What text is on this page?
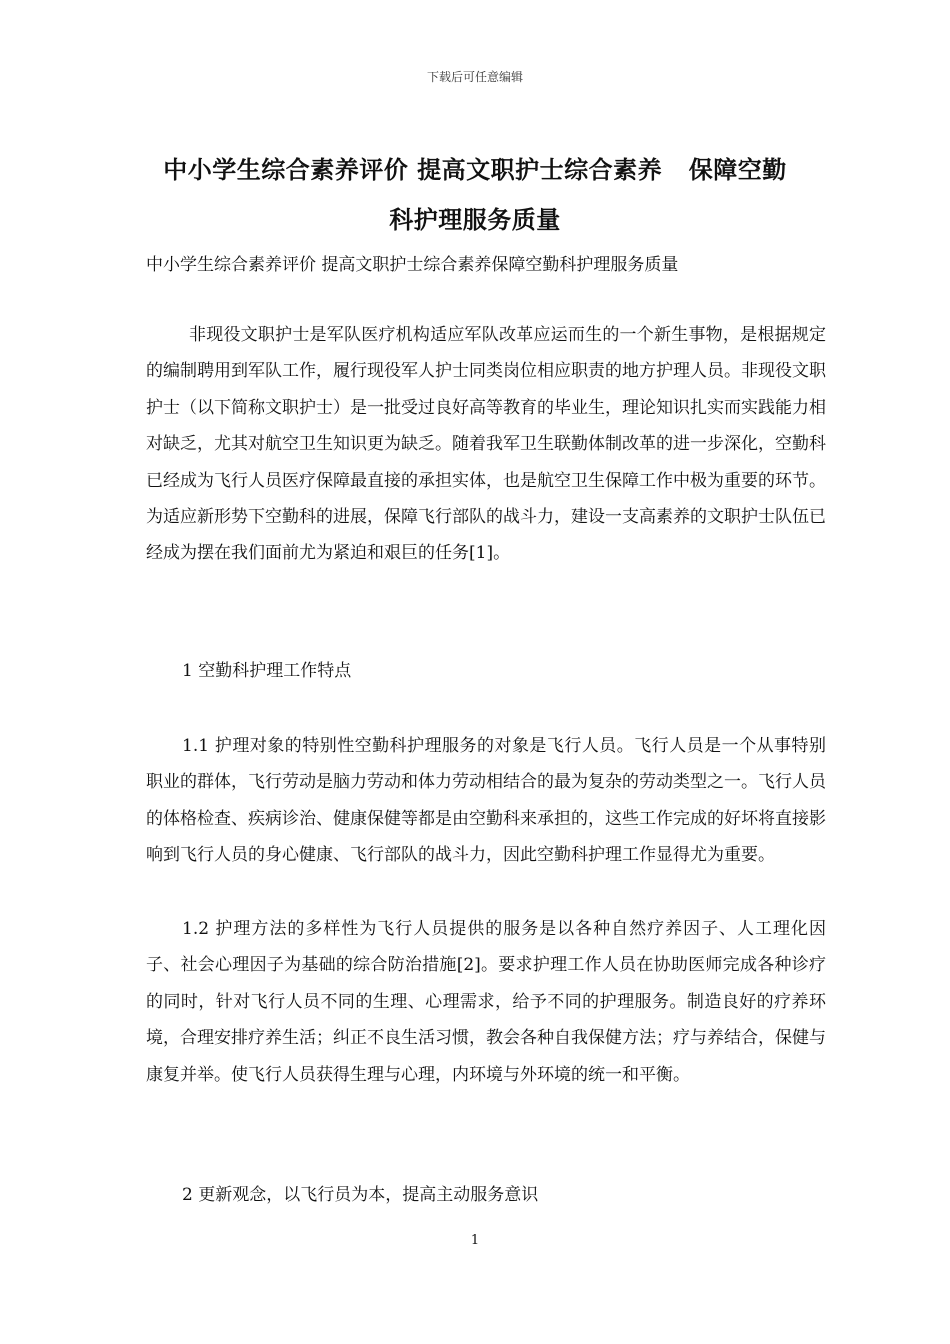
下载后可任意编辑
中小学生综合素养评价 提高文职护士综合素养   保障空勤
科护理服务质量
中小学生综合素养评价 提高文职护士综合素养保障空勤科护理服务质量
非现役文职护士是军队医疗机构适应军队改革应运而生的一个新生事物，是根据规定的编制聘用到军队工作，履行现役军人护士同类岗位相应职责的地方护理人员。非现役文职护士（以下简称文职护士）是一批受过良好高等教育的毕业生，理论知识扎实而实践能力相对缺乏，尤其对航空卫生知识更为缺乏。随着我军卫生联勤体制改革的进一步深化，空勤科已经成为飞行人员医疗保障最直接的承担实体，也是航空卫生保障工作中极为重要的环节。为适应新形势下空勤科的进展，保障飞行部队的战斗力，建设一支高素养的文职护士队伍已经成为摆在我们面前尤为紧迫和艰巨的任务[1]。
1 空勤科护理工作特点
1.1 护理对象的特别性空勤科护理服务的对象是飞行人员。飞行人员是一个从事特别职业的群体，飞行劳动是脑力劳动和体力劳动相结合的最为复杂的劳动类型之一。飞行人员的体格检查、疾病诊治、健康保健等都是由空勤科来承担的，这些工作完成的好坏将直接影响到飞行人员的身心健康、飞行部队的战斗力，因此空勤科护理工作显得尤为重要。
1.2 护理方法的多样性为飞行人员提供的服务是以各种自然疗养因子、人工理化因子、社会心理因子为基础的综合防治措施[2]。要求护理工作人员在协助医师完成各种诊疗的同时，针对飞行人员不同的生理、心理需求，给予不同的护理服务。制造良好的疗养环境，合理安排疗养生活；纠正不良生活习惯，教会各种自我保健方法；疗与养结合，保健与康复并举。使飞行人员获得生理与心理，内环境与外环境的统一和平衡。
2 更新观念，以飞行员为本，提高主动服务意识
1
